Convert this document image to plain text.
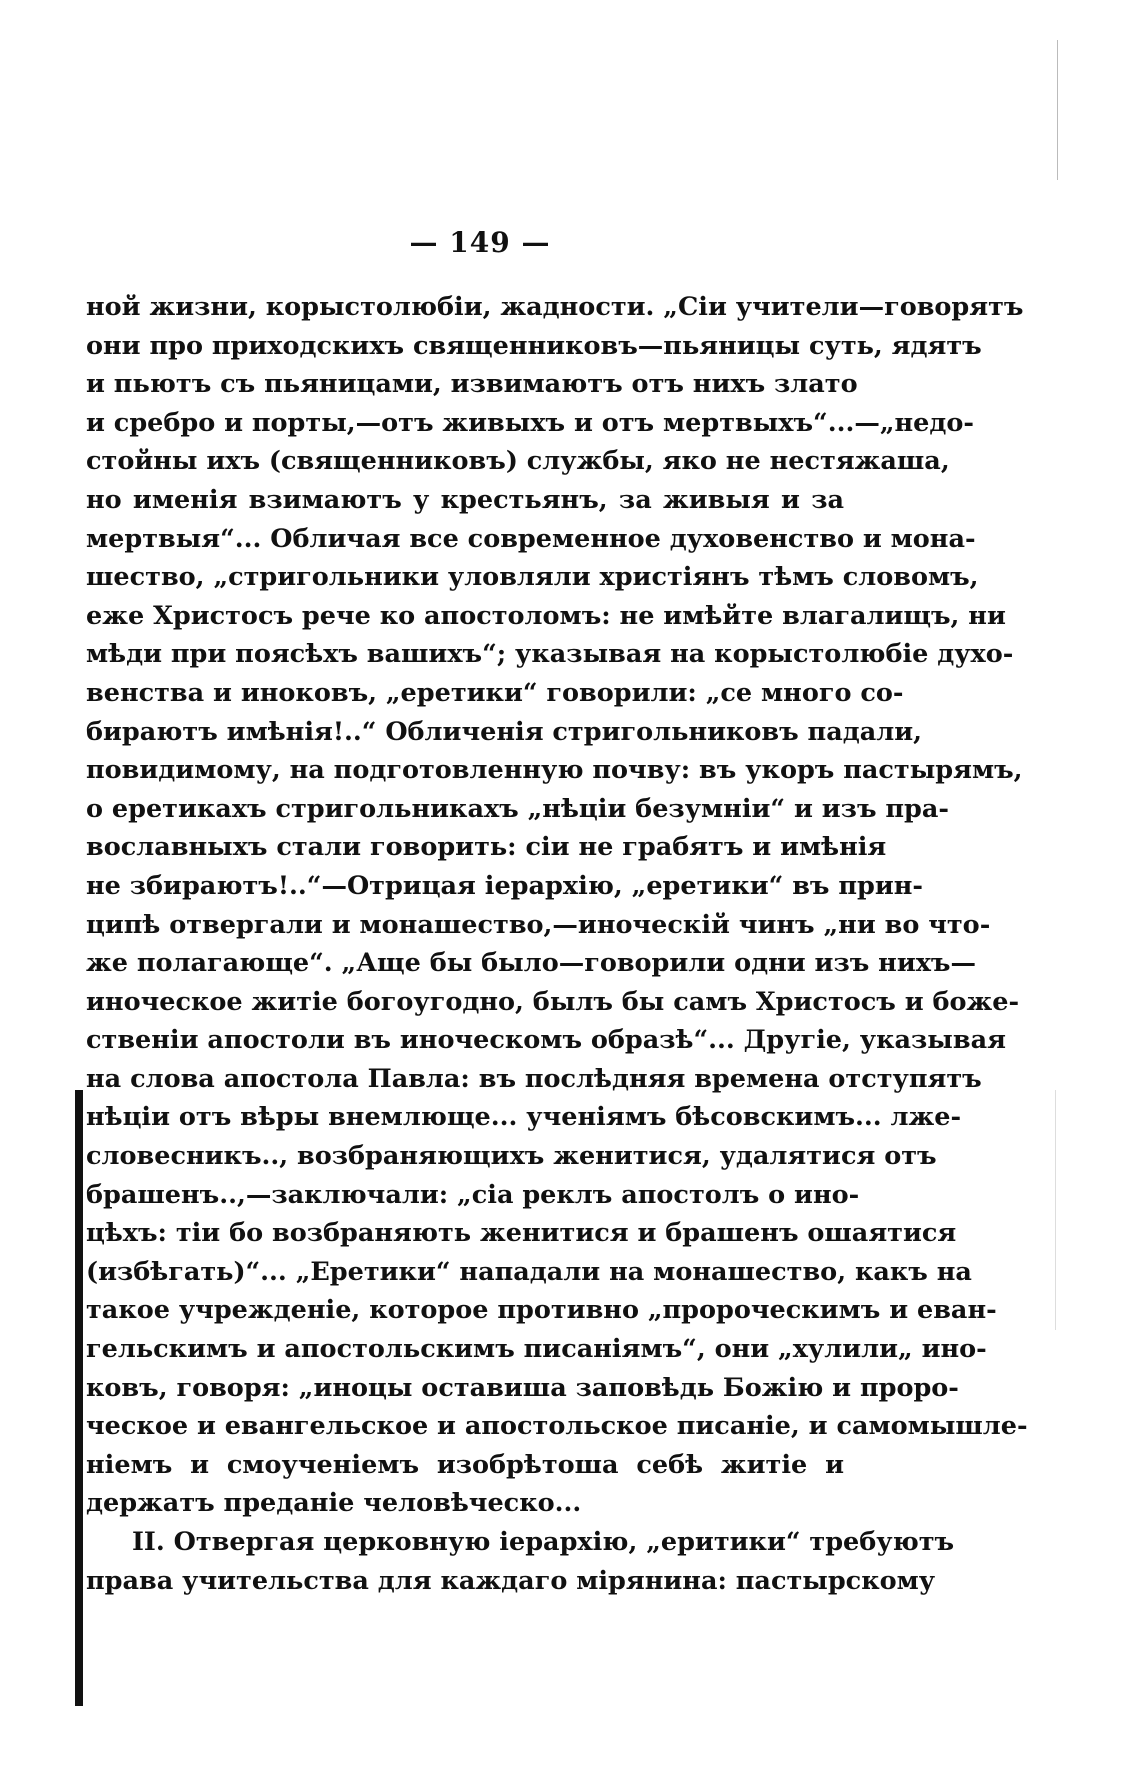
— 149 —
ной жизни, корыстолюбіи, жадности. „Сіи учители—говорятъ
они про приходскихъ священниковъ—пьяницы суть, ядятъ
и пьютъ съ пьяницами, извимаютъ отъ нихъ злато
и сребро и порты,—отъ живыхъ и отъ мертвыхъ“...—„недо-
стойны ихъ (священниковъ) службы, яко не нестяжаша,
но именія взимаютъ у крестьянъ, за живыя и за
мертвыя“... Обличая все современное духовенство и мона-
шество, „стригольники уловляли христіянъ тѣмъ словомъ,
еже Христосъ рече ко апостоломъ: не имѣйте влагалищъ, ни
мѣди при поясѣхъ вашихъ“; указывая на корыстолюбіе духо-
венства и иноковъ, „еретики“ говорили: „се много со-
бираютъ имѣнія!..“ Обличенія стригольниковъ падали,
повидимому, на подготовленную почву: въ укоръ пастырямъ,
о еретикахъ стригольникахъ „нѣціи безумніи“ и изъ пра-
вославныхъ стали говорить: сіи не грабятъ и имѣнія
не збираютъ!..“—Отрицая іерархію, „еретики“ въ прин-
ципѣ отвергали и монашество,—иноческій чинъ „ни во что-
же полагающе“. „Аще бы было—говорили одни изъ нихъ—
иноческое житіе богоугодно, былъ бы самъ Христосъ и боже-
ственіи апостоли въ иноческомъ образѣ“... Другіе, указывая
на слова апостола Павла: въ послѣдняя времена отступятъ
нѣціи отъ вѣры внемлюще... ученіямъ бѣсовскимъ... лже-
словесникъ.., возбраняющихъ женитися, удалятися отъ
брашенъ..,—заключали: „сіа реклъ апостолъ о ино-
цѣхъ: тіи бо возбраняють женитися и брашенъ ошаятися
(избѣгать)“... „Еретики“ нападали на монашество, какъ на
такое учрежденіе, которое противно „пророческимъ и еван-
гельскимъ и апостольскимъ писаніямъ“, они „хулили„ ино-
ковъ, говоря: „иноцы оставиша заповѣдь Божію и проро-
ческое и евангельское и апостольское писаніе, и самомышле-
ніемъ и смоученіемъ изобрѣтоша себѣ житіе и
держатъ преданіе человѣческо...
II. Отвергая церковную іерархію, „еритики“ требуютъ
права учительства для каждаго мірянина: пастырскому
